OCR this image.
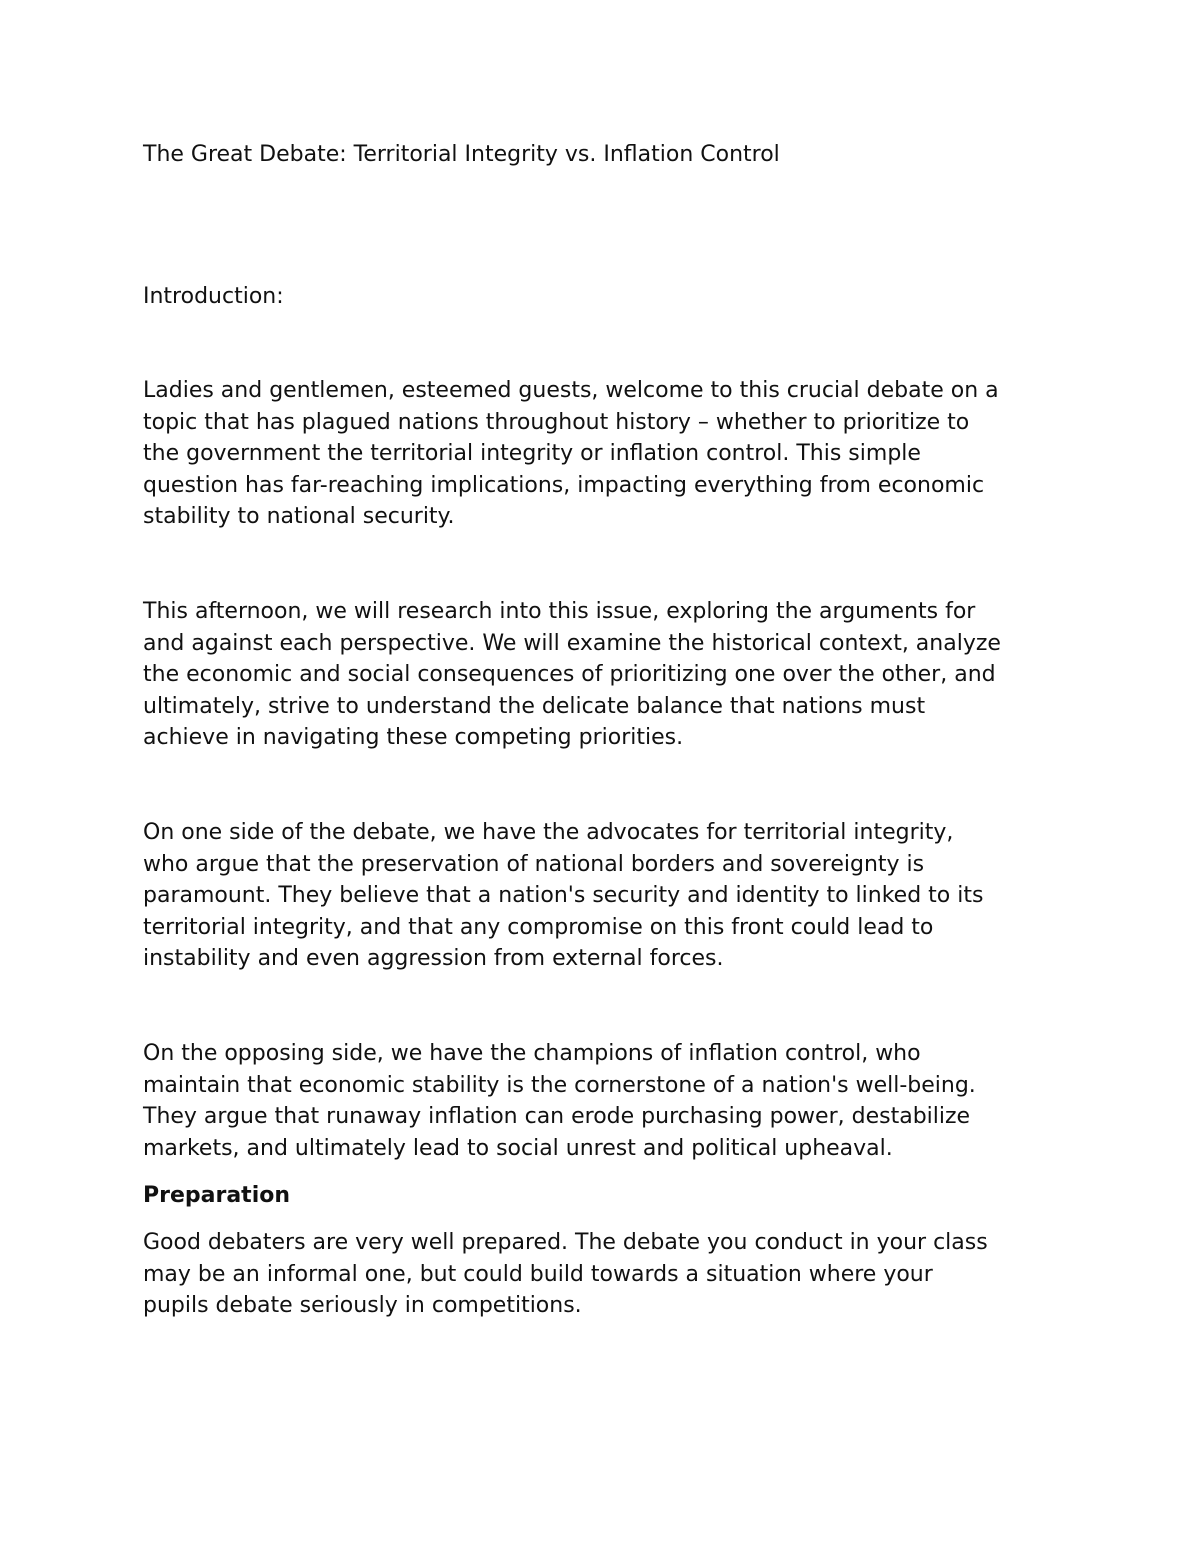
The Great Debate: Territorial Integrity vs. Inflation Control

Introduction:

Ladies and gentlemen, esteemed guests, welcome to this crucial debate on a
topic that has plagued nations throughout history – whether to prioritize to
the government the territorial integrity or inflation control. This simple
question has far-reaching implications, impacting everything from economic
stability to national security.

This afternoon, we will research into this issue, exploring the arguments for
and against each perspective. We will examine the historical context, analyze
the economic and social consequences of prioritizing one over the other, and
ultimately, strive to understand the delicate balance that nations must
achieve in navigating these competing priorities.

On one side of the debate, we have the advocates for territorial integrity,
who argue that the preservation of national borders and sovereignty is
paramount. They believe that a nation's security and identity to linked to its
territorial integrity, and that any compromise on this front could lead to
instability and even aggression from external forces.

On the opposing side, we have the champions of inflation control, who
maintain that economic stability is the cornerstone of a nation's well-being.
They argue that runaway inflation can erode purchasing power, destabilize
markets, and ultimately lead to social unrest and political upheaval.

Preparation

Good debaters are very well prepared. The debate you conduct in your class
may be an informal one, but could build towards a situation where your
pupils debate seriously in competitions.
